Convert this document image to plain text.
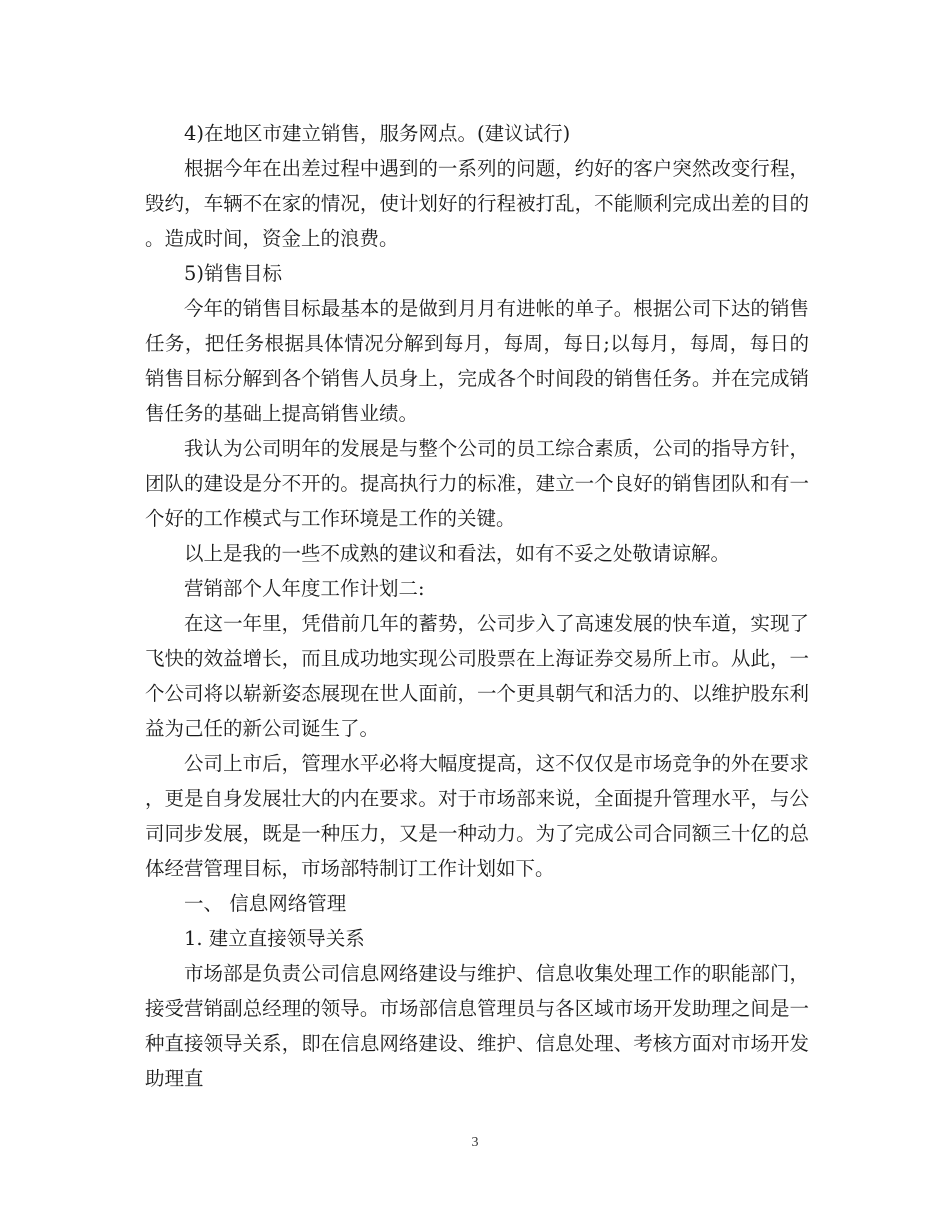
4)在地区市建立销售，服务网点。(建议试行)

根据今年在出差过程中遇到的一系列的问题，约好的客户突然改变行程，毁约，车辆不在家的情况，使计划好的行程被打乱，不能顺利完成出差的目的。造成时间，资金上的浪费。

5)销售目标

今年的销售目标最基本的是做到月月有进帐的单子。根据公司下达的销售任务，把任务根据具体情况分解到每月，每周，每日;以每月，每周，每日的销售目标分解到各个销售人员身上，完成各个时间段的销售任务。并在完成销售任务的基础上提高销售业绩。

我认为公司明年的发展是与整个公司的员工综合素质，公司的指导方针，团队的建设是分不开的。提高执行力的标准，建立一个良好的销售团队和有一个好的工作模式与工作环境是工作的关键。

以上是我的一些不成熟的建议和看法，如有不妥之处敬请谅解。

营销部个人年度工作计划二:

在这一年里，凭借前几年的蓄势，公司步入了高速发展的快车道，实现了飞快的效益增长，而且成功地实现公司股票在上海证券交易所上市。从此，一个公司将以崭新姿态展现在世人面前，一个更具朝气和活力的、以维护股东利益为己任的新公司诞生了。

公司上市后，管理水平必将大幅度提高，这不仅仅是市场竞争的外在要求，更是自身发展壮大的内在要求。对于市场部来说，全面提升管理水平，与公司同步发展，既是一种压力，又是一种动力。为了完成公司合同额三十亿的总体经营管理目标，市场部特制订工作计划如下。

一、 信息网络管理

1. 建立直接领导关系

市场部是负责公司信息网络建设与维护、信息收集处理工作的职能部门，接受营销副总经理的领导。市场部信息管理员与各区域市场开发助理之间是一种直接领导关系，即在信息网络建设、维护、信息处理、考核方面对市场开发助理直

3
